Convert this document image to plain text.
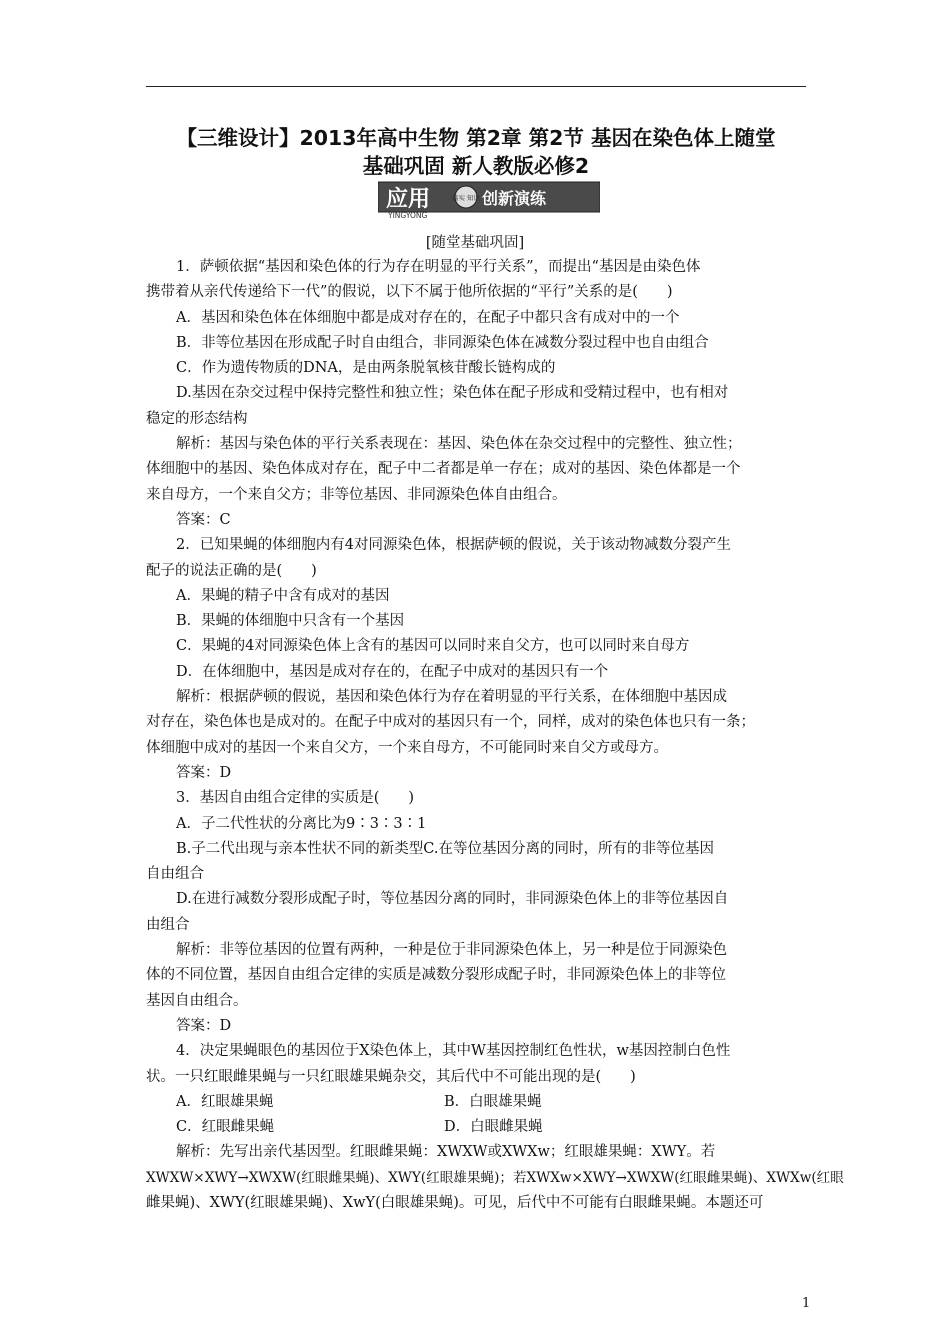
【三维设计】2013年高中生物 第2章 第2节 基因在染色体上随堂
基础巩固 新人教版必修2
应用
YINGYONG
落实 知识 创新演练
[随堂基础巩固]

1．萨顿依据“基因和染色体的行为存在明显的平行关系”，而提出“基因是由染色体

携带着从亲代传递给下一代”的假说，以下不属于他所依据的“平行”关系的是(　　)

A．基因和染色体在体细胞中都是成对存在的，在配子中都只含有成对中的一个

B．非等位基因在形成配子时自由组合，非同源染色体在减数分裂过程中也自由组合

C．作为遗传物质的DNA，是由两条脱氧核苷酸长链构成的

D.基因在杂交过程中保持完整性和独立性；染色体在配子形成和受精过程中，也有相对

稳定的形态结构

解析：基因与染色体的平行关系表现在：基因、染色体在杂交过程中的完整性、独立性；

体细胞中的基因、染色体成对存在，配子中二者都是单一存在；成对的基因、染色体都是一个

来自母方，一个来自父方；非等位基因、非同源染色体自由组合。

答案：C

2．已知果蝇的体细胞内有4对同源染色体，根据萨顿的假说，关于该动物减数分裂产生

配子的说法正确的是(　　)

A．果蝇的精子中含有成对的基因

B．果蝇的体细胞中只含有一个基因

C．果蝇的4对同源染色体上含有的基因可以同时来自父方，也可以同时来自母方

D．在体细胞中，基因是成对存在的，在配子中成对的基因只有一个

解析：根据萨顿的假说，基因和染色体行为存在着明显的平行关系，在体细胞中基因成

对存在，染色体也是成对的。在配子中成对的基因只有一个，同样，成对的染色体也只有一条；

体细胞中成对的基因一个来自父方，一个来自母方，不可能同时来自父方或母方。

答案：D

3．基因自由组合定律的实质是(　　)

A．子二代性状的分离比为9∶3∶3∶1

B.子二代出现与亲本性状不同的新类型C.在等位基因分离的同时，所有的非等位基因

自由组合

D.在进行减数分裂形成配子时，等位基因分离的同时，非同源染色体上的非等位基因自

由组合

解析：非等位基因的位置有两种，一种是位于非同源染色体上，另一种是位于同源染色

体的不同位置，基因自由组合定律的实质是减数分裂形成配子时，非同源染色体上的非等位

基因自由组合。

答案：D

4．决定果蝇眼色的基因位于X染色体上，其中W基因控制红色性状，w基因控制白色性

状。一只红眼雌果蝇与一只红眼雄果蝇杂交，其后代中不可能出现的是(　　)

A．红眼雄果蝇	B．白眼雄果蝇
C．红眼雌果蝇	D．白眼雌果蝇

解析：先写出亲代基因型。红眼雌果蝇：XWXW或XWXw；红眼雄果蝇：XWY。若

XWXW×XWY→XWXW(红眼雌果蝇)、XWY(红眼雄果蝇)；若XWXw×XWY→XWXW(红眼雌果蝇)、XWXw(红眼

雌果蝇)、XWY(红眼雄果蝇)、XwY(白眼雄果蝇)。可见，后代中不可能有白眼雌果蝇。本题还可

1
